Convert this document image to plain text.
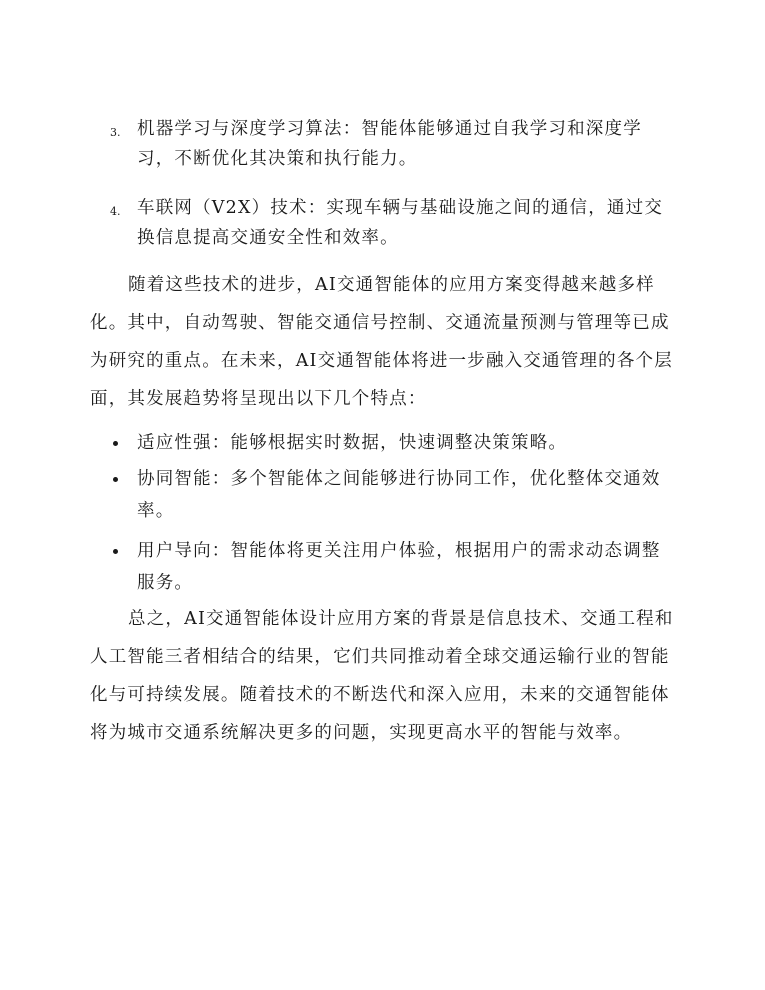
3. 机器学习与深度学习算法：智能体能够通过自我学习和深度学习，不断优化其决策和执行能力。
4. 车联网（V2X）技术：实现车辆与基础设施之间的通信，通过交换信息提高交通安全性和效率。
随着这些技术的进步，AI交通智能体的应用方案变得越来越多样化。其中，自动驾驶、智能交通信号控制、交通流量预测与管理等已成为研究的重点。在未来，AI交通智能体将进一步融入交通管理的各个层面，其发展趋势将呈现出以下几个特点：
适应性强：能够根据实时数据，快速调整决策策略。
协同智能：多个智能体之间能够进行协同工作，优化整体交通效率。
用户导向：智能体将更关注用户体验，根据用户的需求动态调整服务。
总之，AI交通智能体设计应用方案的背景是信息技术、交通工程和人工智能三者相结合的结果，它们共同推动着全球交通运输行业的智能化与可持续发展。随着技术的不断迭代和深入应用，未来的交通智能体将为城市交通系统解决更多的问题，实现更高水平的智能与效率。
